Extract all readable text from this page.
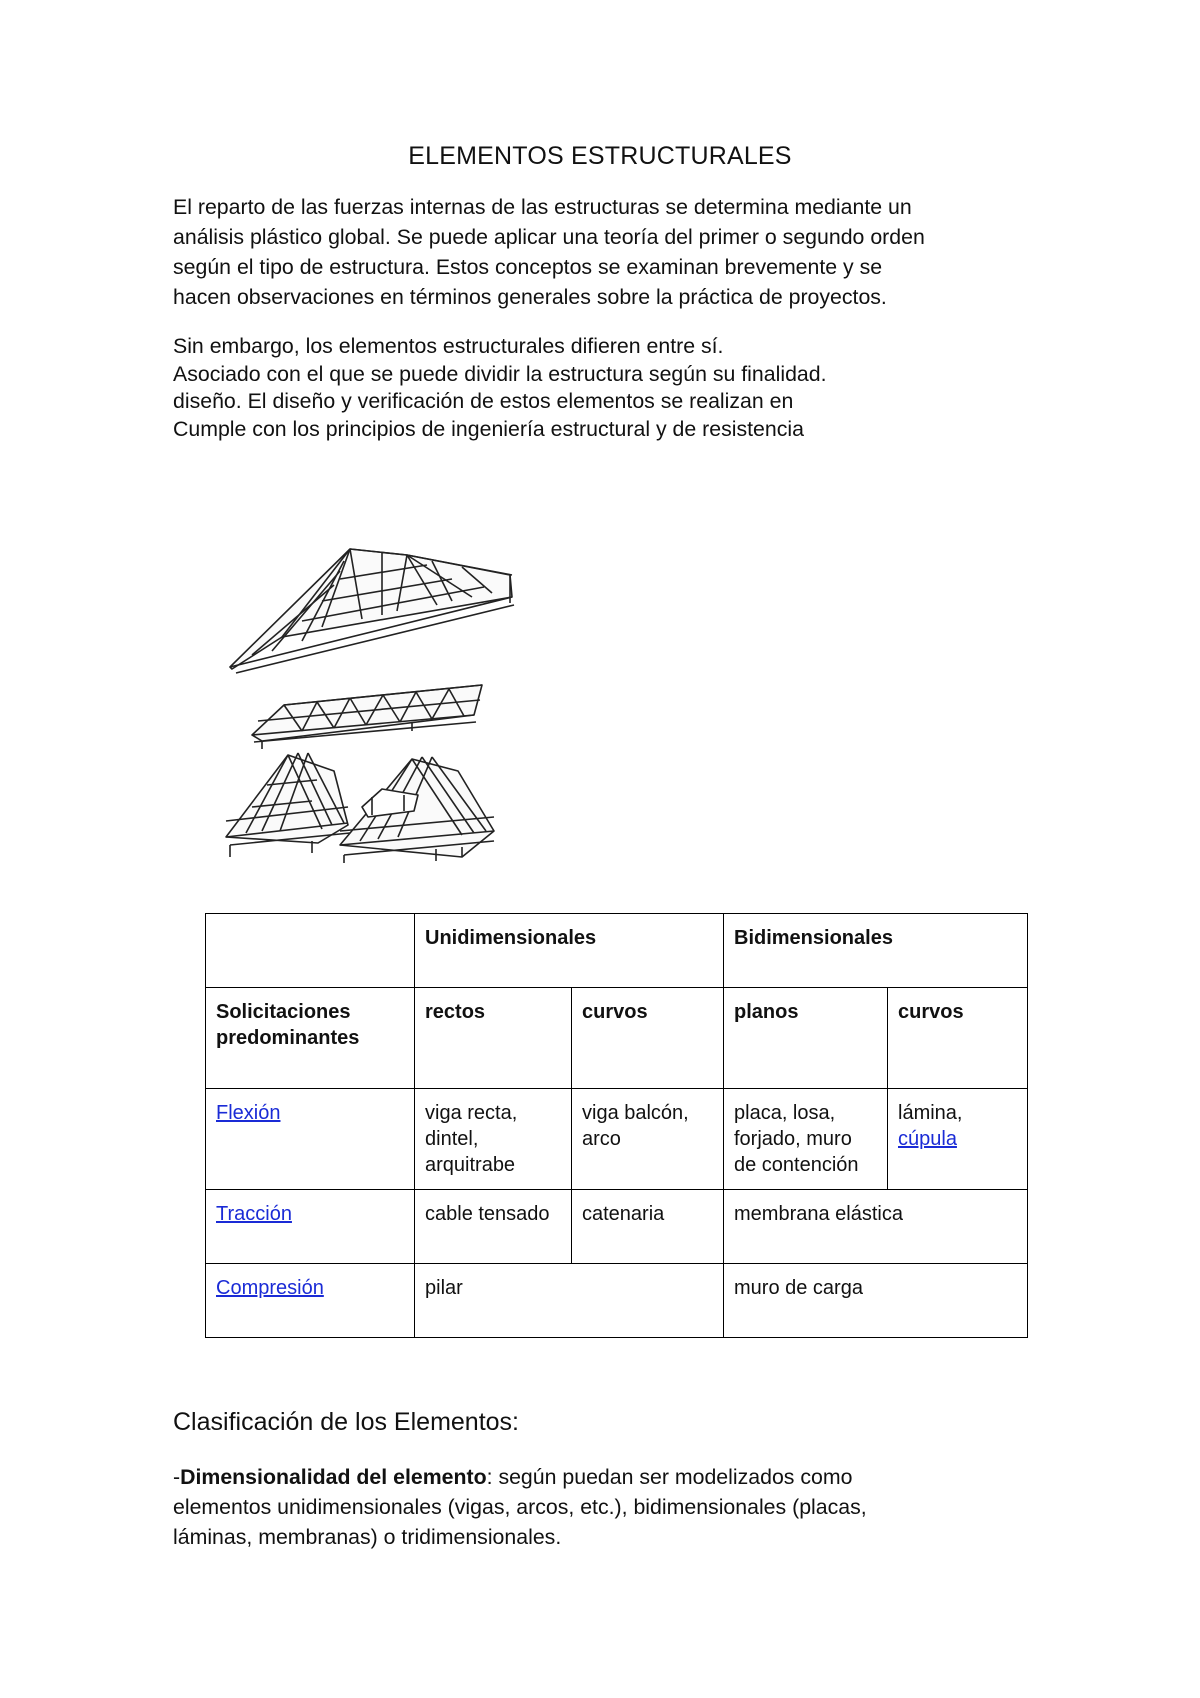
ELEMENTOS ESTRUCTURALES
El reparto de las fuerzas internas de las estructuras se determina mediante un
análisis plástico global. Se puede aplicar una teoría del primer o segundo orden
según el tipo de estructura. Estos conceptos se examinan brevemente y se
hacen observaciones en términos generales sobre la práctica de proyectos.
Sin embargo, los elementos estructurales difieren entre sí.
Asociado con el que se puede dividir la estructura según su finalidad.
diseño. El diseño y verificación de estos elementos se realizan en
Cumple con los principios de ingeniería estructural y de resistencia
	Unidimensionales		Bidimensionales	
Solicitaciones predominantes	rectos	curvos	planos	curvos
Flexión	viga recta, dintel, arquitrabe	viga balcón, arco	placa, losa, forjado, muro de contención	lámina,
cúpula
Tracción	cable tensado	catenaria	membrana elástica	
Compresión	pilar		muro de carga	
Clasificación de los Elementos:
-Dimensionalidad del elemento: según puedan ser modelizados como
elementos unidimensionales (vigas, arcos, etc.), bidimensionales (placas,
láminas, membranas) o tridimensionales.
